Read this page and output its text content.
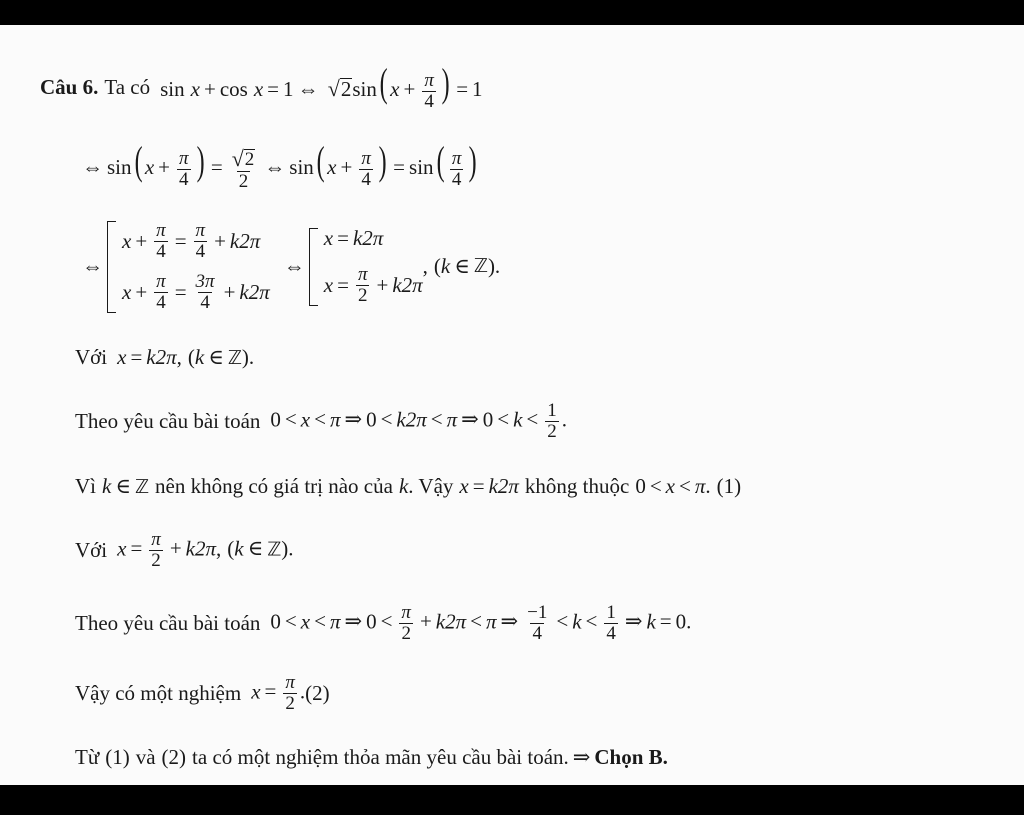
Câu 6. Ta có sin x + cos x = 1 ⇔ √ 2 sin( $x + \frac{\pi}{4}$ ) = 1
⇔ sin( $x + \frac{\pi}{4}$ ) = $\frac{√ 2}{2}$ ⇔ sin( $x + \frac{\pi}{4}$ ) = $\sin( \frac{\pi}{4}$ )
⇔
$x + \frac{\pi}{4} = \frac{\pi}{4} + k2\pi$
$x + \frac{\pi}{4} = \frac{3\pi}{4} + k2\pi$
⇔
x = k2π
$x = \frac{\pi}{2} + k2\pi$
, ( k ∈ ℤ ).
Với x = k2π, (k ∈ ℤ).
Theo yêu cầu bài toán 0 < x < π ⇒ 0 < k2π < π ⇒ $0 < k < \frac{1}{2}$ .
Vì k ∈ ℤ nên không có giá trị nào của k . Vậy x = k2π không thuộc 0 < x < π. (1)
Với $x = \frac{\pi}{2} + k2\pi$, (k ∈ ℤ).
Theo yêu cầu bài toán 0 < x < π ⇒ $0 < \frac{\pi}{2} + k2\pi < \pi$ ⇒ $\frac{-1}{4} < k < \frac{1}{4}$ ⇒ k = 0.
Vậy có một nghiệm $x = \frac{\pi}{2}$ . (2)
Từ (1) và (2) ta có một nghiệm thỏa mãn yêu cầu bài toán. ⇒ Chọn B.
